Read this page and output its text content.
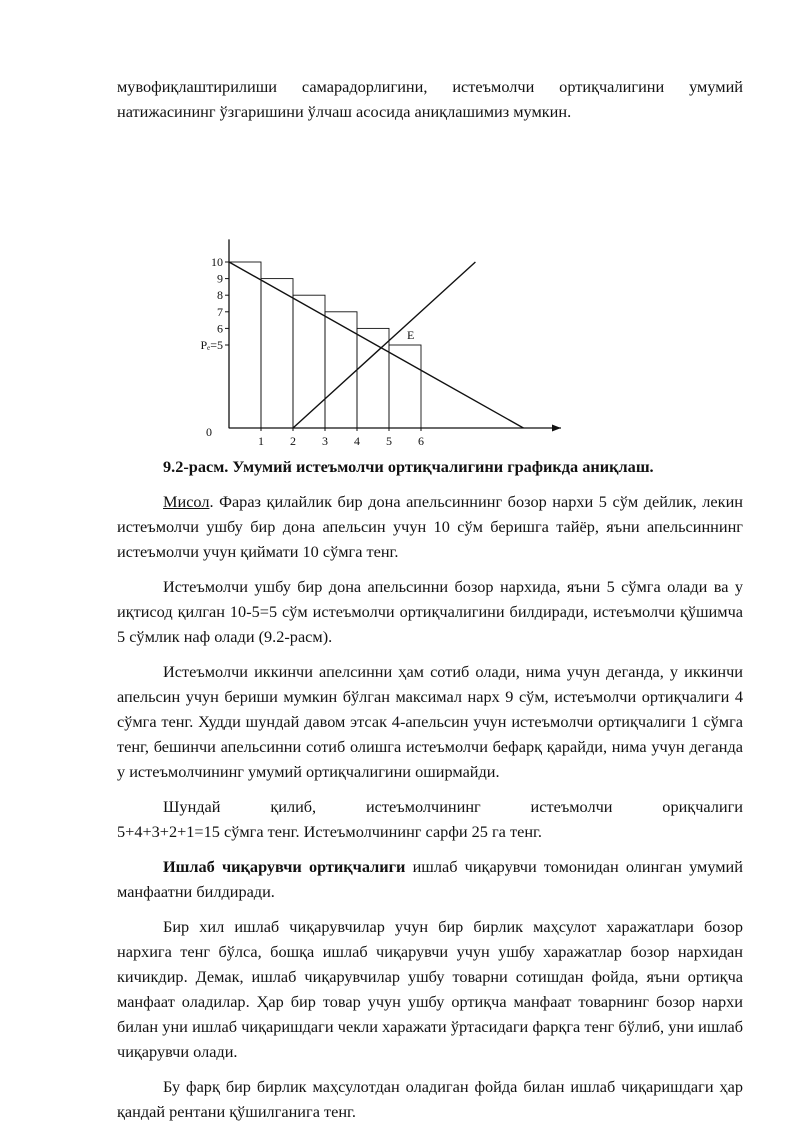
мувофиқлаштирилиши самарадорлигини, истеъмолчи ортиқчалигини умумий натижасининг ўзгаришини ўлчаш асосида аниқлашимиз мумкин.

10
9
8
7
6
Pₑ=5
1 2 3 4 5 6
0
E

9.2-расм. Умумий истеъмолчи ортиқчалигини графикда аниқлаш.

Мисол. Фараз қилайлик бир дона апельсиннинг бозор нархи 5 сўм дейлик, лекин истеъмолчи ушбу бир дона апельсин учун 10 сўм беришга тайёр, яъни апельсиннинг истеъмолчи учун қиймати 10 сўмга тенг.

Истеъмолчи ушбу бир дона апельсинни бозор нархида, яъни 5 сўмга олади ва у иқтисод қилган 10-5=5 сўм истеъмолчи ортиқчалигини билдиради, истеъмолчи қўшимча 5 сўмлик наф олади (9.2-расм).

Истеъмолчи иккинчи апелсинни ҳам сотиб олади, нима учун деганда, у иккинчи апельсин учун бериши мумкин бўлган максимал нарх 9 сўм, истеъмолчи ортиқчалиги 4 сўмга тенг. Худди шундай давом этсак 4-апельсин учун истеъмолчи ортиқчалиги 1 сўмга тенг, бешинчи апельсинни сотиб олишга истеъмолчи бефарқ қарайди, нима учун деганда у истеъмолчининг умумий ортиқчалигини оширмайди.

Шундай қилиб, истеъмолчининг истеъмолчи ориқчалиги

5+4+3+2+1=15 сўмга тенг. Истеъмолчининг сарфи 25 га тенг.

Ишлаб чиқарувчи ортиқчалиги ишлаб чиқарувчи томонидан олинган умумий манфаатни билдиради.

Бир хил ишлаб чиқарувчилар учун бир бирлик маҳсулот харажатлари бозор нархига тенг бўлса, бошқа ишлаб чиқарувчи учун ушбу харажатлар бозор нархидан кичикдир. Демак, ишлаб чиқарувчилар ушбу товарни сотишдан фойда, яъни ортиқча манфаат оладилар. Ҳар бир товар учун ушбу ортиқча манфаат товарнинг бозор нархи билан уни ишлаб чиқаришдаги чекли харажати ўртасидаги фарқга тенг бўлиб, уни ишлаб чиқарувчи олади.

Бу фарқ бир бирлик маҳсулотдан оладиган фойда билан ишлаб чиқаришдаги ҳар қандай рентани қўшилганига тенг.
